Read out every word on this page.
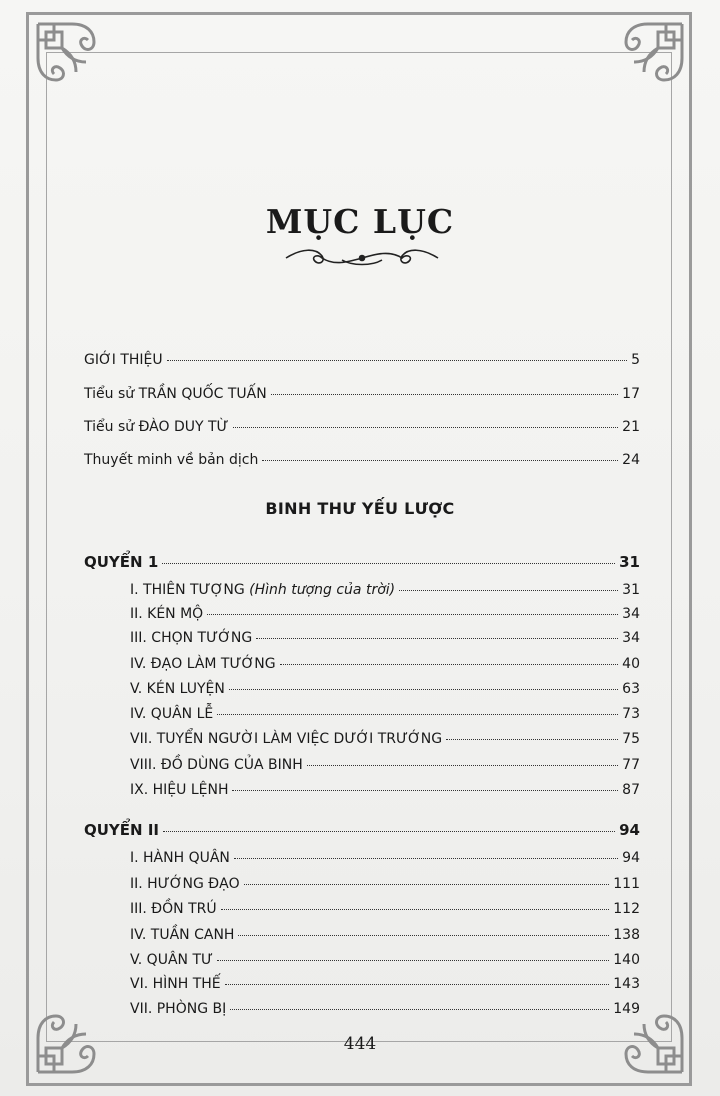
MỤC LỤC
GIỚI THIỆU	5
Tiểu sử TRẦN QUỐC TUẤN	17
Tiểu sử ĐÀO DUY TỪ	21
Thuyết minh về bản dịch	24
BINH THƯ YẾU LƯỢC
QUYỂN 1	31
I. THIÊN TƯỢNG (Hình tượng của trời)	31
II. KÉN MỘ	34
III. CHỌN TƯỚNG	34
IV. ĐẠO LÀM TƯỚNG	40
V. KÉN LUYỆN	63
IV. QUÂN LỄ	73
VII. TUYỂN NGƯỜI LÀM VIỆC DƯỚI TRƯỚNG	75
VIII. ĐỒ DÙNG CỦA BINH	77
IX. HIỆU LỆNH	87
QUYỂN II	94
I. HÀNH QUÂN	94
II. HƯỚNG ĐẠO	111
III. ĐỒN TRÚ	112
IV. TUẦN CANH	138
V. QUÂN TƯ	140
VI. HÌNH THẾ	143
VII. PHÒNG BỊ	149
444
